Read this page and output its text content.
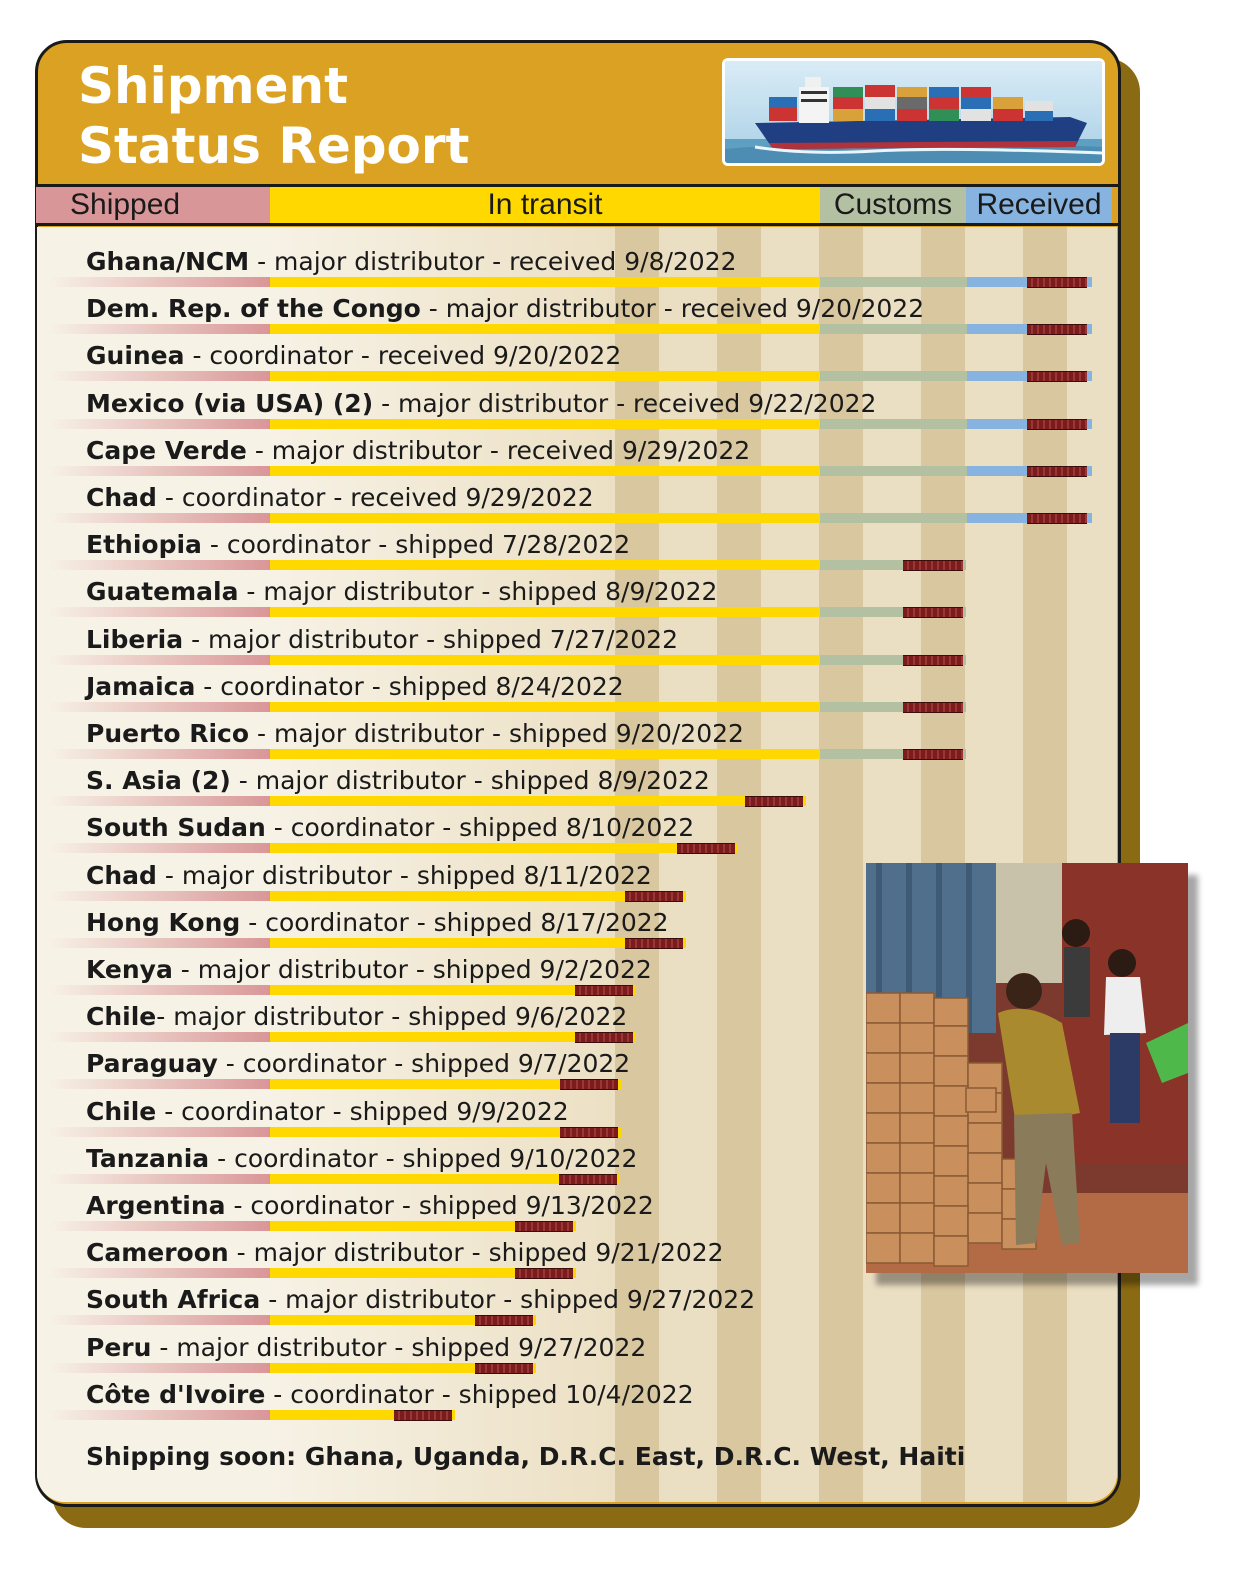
Shipment
Status Report
Shipped	In transit	Customs Received
Ghana/NCM - major distributor - received 9/8/2022
Dem. Rep. of the Congo - major distributor - received 9/20/2022
Guinea - coordinator - received 9/20/2022
Mexico (via USA) (2) - major distributor - received 9/22/2022
Cape Verde - major distributor - received 9/29/2022
Chad - coordinator - received 9/29/2022
Ethiopia - coordinator - shipped 7/28/2022
Guatemala - major distributor - shipped 8/9/2022
Liberia - major distributor - shipped 7/27/2022
Jamaica - coordinator - shipped 8/24/2022
Puerto Rico - major distributor - shipped 9/20/2022
S. Asia (2) - major distributor - shipped 8/9/2022
South Sudan - coordinator - shipped 8/10/2022
Chad - major distributor - shipped 8/11/2022
Hong Kong - coordinator - shipped 8/17/2022
Kenya - major distributor - shipped 9/2/2022
Chile- major distributor - shipped 9/6/2022
Paraguay - coordinator - shipped 9/7/2022
Chile - coordinator - shipped 9/9/2022
Tanzania - coordinator - shipped 9/10/2022
Argentina - coordinator - shipped 9/13/2022
Cameroon - major distributor - shipped 9/21/2022
South Africa - major distributor - shipped 9/27/2022
Peru - major distributor - shipped 9/27/2022
Côte d'Ivoire - coordinator - shipped 10/4/2022
Shipping soon: Ghana, Uganda, D.R.C. East, D.R.C. West, Haiti
